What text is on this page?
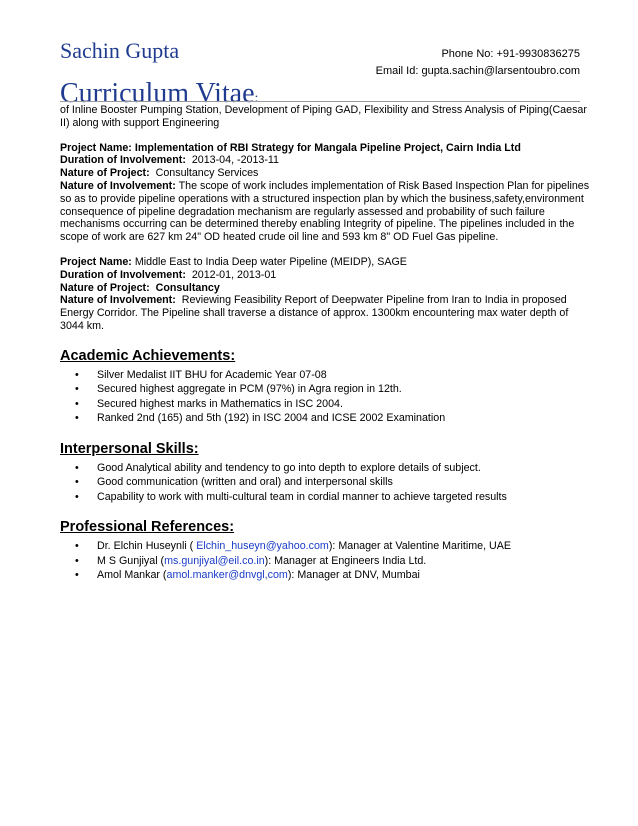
Sachin Gupta	Phone No: +91-9930836275
Email Id: gupta.sachin@larsentoubro.com
Curriculum Vitae:

of Inline Booster Pumping Station, Development of Piping GAD, Flexibility and Stress Analysis of Piping(Caesar II) along with support Engineering

Project Name: Implementation of RBI Strategy for Mangala Pipeline Project, Cairn India Ltd

Duration of Involvement: 2013-04, -2013-11

Nature of Project: Consultancy Services

Nature of Involvement: The scope of work includes implementation of Risk Based Inspection Plan for pipelines so as to provide pipeline operations with a structured inspection plan by which the business,safety,environment consequence of pipeline degradation mechanism are regularly assessed and probability of such failure mechanisms occurring can be determined thereby enabling Integrity of pipeline. The pipelines included in the scope of work are 627 km 24" OD heated crude oil line and 593 km 8" OD Fuel Gas pipeline.

Project Name: Middle East to India Deep water Pipeline (MEIDP), SAGE

Duration of Involvement: 2012-01, 2013-01

Nature of Project: Consultancy

Nature of Involvement: Reviewing Feasibility Report of Deepwater Pipeline from Iran to India in proposed Energy Corridor. The Pipeline shall traverse a distance of approx. 1300km encountering max water depth of 3044 km.

Academic Achievements:
• Silver Medalist IIT BHU for Academic Year 07-08
• Secured highest aggregate in PCM (97%) in Agra region in 12th.
• Secured highest marks in Mathematics in ISC 2004.
• Ranked 2nd (165) and 5th (192) in ISC 2004 and ICSE 2002 Examination
Interpersonal Skills:
• Good Analytical ability and tendency to go into depth to explore details of subject.
• Good communication (written and oral) and interpersonal skills
• Capability to work with multi-cultural team in cordial manner to achieve targeted results
Professional References:
• Dr. Elchin Huseynli ( Elchin_huseyn@yahoo.com): Manager at Valentine Maritime, UAE
• M S Gunjiyal (ms.gunjiyal@eil.co.in): Manager at Engineers India Ltd.
• Amol Mankar (amol.manker@dnvgl,com): Manager at DNV, Mumbai
